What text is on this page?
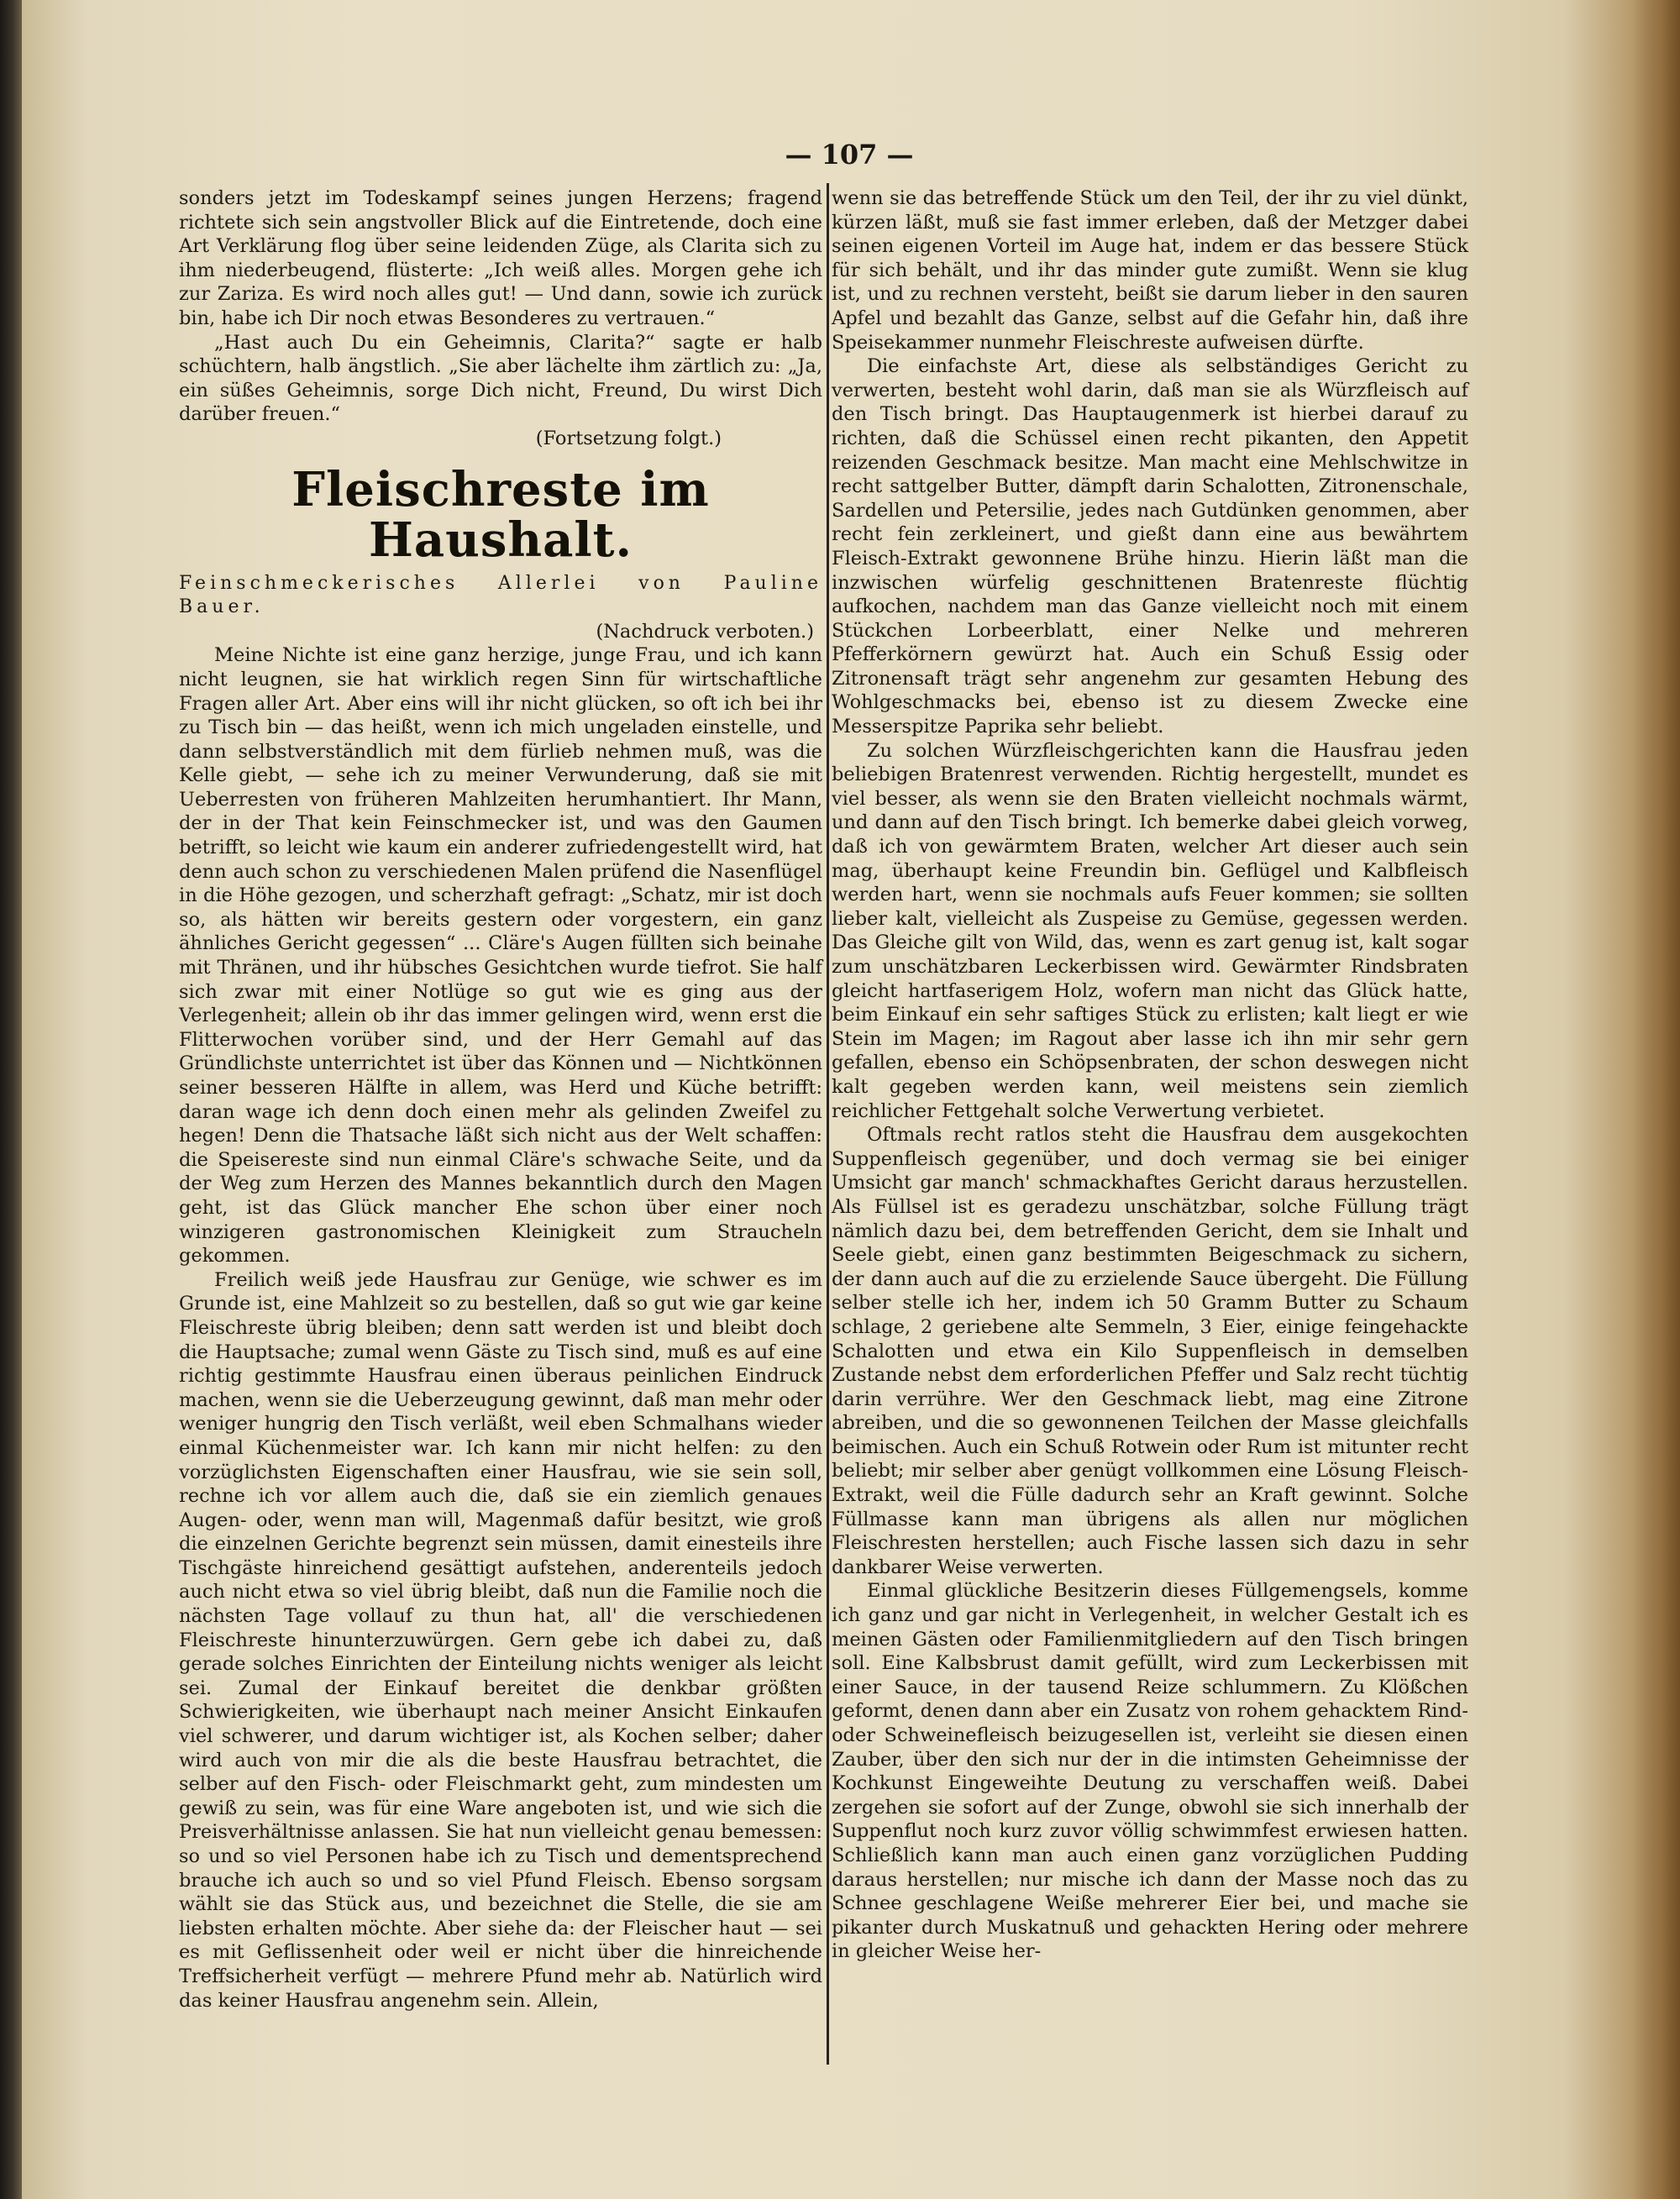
— 107 —

sonders jetzt im Todeskampf seines jungen Herzens; fragend richtete sich sein angstvoller Blick auf die Eintretende, doch eine Art Verklärung flog über seine leidenden Züge, als Clarita sich zu ihm niederbeugend, flüsterte: „Ich weiß alles. Morgen gehe ich zur Zariza. Es wird noch alles gut! — Und dann, sowie ich zurück bin, habe ich Dir noch etwas Besonderes zu vertrauen.“

„Hast auch Du ein Geheimnis, Clarita?“ sagte er halb schüchtern, halb ängstlich. „Sie aber lächelte ihm zärtlich zu: „Ja, ein süßes Geheimnis, sorge Dich nicht, Freund, Du wirst Dich darüber freuen.“

(Fortsetzung folgt.)

Fleischreste im Haushalt.

Feinschmeckerisches Allerlei von Pauline Bauer.

(Nachdruck verboten.)

Meine Nichte ist eine ganz herzige, junge Frau, und ich kann nicht leugnen, sie hat wirklich regen Sinn für wirtschaftliche Fragen aller Art. Aber eins will ihr nicht glücken, so oft ich bei ihr zu Tisch bin — das heißt, wenn ich mich ungeladen einstelle, und dann selbstverständlich mit dem fürlieb nehmen muß, was die Kelle giebt, — sehe ich zu meiner Verwunderung, daß sie mit Ueberresten von früheren Mahlzeiten herumhantiert. Ihr Mann, der in der That kein Feinschmecker ist, und was den Gaumen betrifft, so leicht wie kaum ein anderer zufriedengestellt wird, hat denn auch schon zu verschiedenen Malen prüfend die Nasenflügel in die Höhe gezogen, und scherzhaft gefragt: „Schatz, mir ist doch so, als hätten wir bereits gestern oder vorgestern, ein ganz ähnliches Gericht gegessen“ ... Cläre's Augen füllten sich beinahe mit Thränen, und ihr hübsches Gesichtchen wurde tiefrot. Sie half sich zwar mit einer Notlüge so gut wie es ging aus der Verlegenheit; allein ob ihr das immer gelingen wird, wenn erst die Flitterwochen vorüber sind, und der Herr Gemahl auf das Gründlichste unterrichtet ist über das Können und — Nichtkönnen seiner besseren Hälfte in allem, was Herd und Küche betrifft: daran wage ich denn doch einen mehr als gelinden Zweifel zu hegen! Denn die Thatsache läßt sich nicht aus der Welt schaffen: die Speisereste sind nun einmal Cläre's schwache Seite, und da der Weg zum Herzen des Mannes bekanntlich durch den Magen geht, ist das Glück mancher Ehe schon über einer noch winzigeren gastronomischen Kleinigkeit zum Straucheln gekommen.

Freilich weiß jede Hausfrau zur Genüge, wie schwer es im Grunde ist, eine Mahlzeit so zu bestellen, daß so gut wie gar keine Fleischreste übrig bleiben; denn satt werden ist und bleibt doch die Hauptsache; zumal wenn Gäste zu Tisch sind, muß es auf eine richtig gestimmte Hausfrau einen überaus peinlichen Eindruck machen, wenn sie die Ueberzeugung gewinnt, daß man mehr oder weniger hungrig den Tisch verläßt, weil eben Schmalhans wieder einmal Küchenmeister war. Ich kann mir nicht helfen: zu den vorzüglichsten Eigenschaften einer Hausfrau, wie sie sein soll, rechne ich vor allem auch die, daß sie ein ziemlich genaues Augen- oder, wenn man will, Magenmaß dafür besitzt, wie groß die einzelnen Gerichte begrenzt sein müssen, damit einesteils ihre Tischgäste hinreichend gesättigt aufstehen, anderenteils jedoch auch nicht etwa so viel übrig bleibt, daß nun die Familie noch die nächsten Tage vollauf zu thun hat, all' die verschiedenen Fleischreste hinunterzuwürgen. Gern gebe ich dabei zu, daß gerade solches Einrichten der Einteilung nichts weniger als leicht sei. Zumal der Einkauf bereitet die denkbar größten Schwierigkeiten, wie überhaupt nach meiner Ansicht Einkaufen viel schwerer, und darum wichtiger ist, als Kochen selber; daher wird auch von mir die als die beste Hausfrau betrachtet, die selber auf den Fisch- oder Fleischmarkt geht, zum mindesten um gewiß zu sein, was für eine Ware angeboten ist, und wie sich die Preisverhältnisse anlassen. Sie hat nun vielleicht genau bemessen: so und so viel Personen habe ich zu Tisch und dementsprechend brauche ich auch so und so viel Pfund Fleisch. Ebenso sorgsam wählt sie das Stück aus, und bezeichnet die Stelle, die sie am liebsten erhalten möchte. Aber siehe da: der Fleischer haut — sei es mit Geflissenheit oder weil er nicht über die hinreichende Treffsicherheit verfügt — mehrere Pfund mehr ab. Natürlich wird das keiner Hausfrau angenehm sein. Allein,

wenn sie das betreffende Stück um den Teil, der ihr zu viel dünkt, kürzen läßt, muß sie fast immer erleben, daß der Metzger dabei seinen eigenen Vorteil im Auge hat, indem er das bessere Stück für sich behält, und ihr das minder gute zumißt. Wenn sie klug ist, und zu rechnen versteht, beißt sie darum lieber in den sauren Apfel und bezahlt das Ganze, selbst auf die Gefahr hin, daß ihre Speisekammer nunmehr Fleischreste aufweisen dürfte.

Die einfachste Art, diese als selbständiges Gericht zu verwerten, besteht wohl darin, daß man sie als Würzfleisch auf den Tisch bringt. Das Hauptaugenmerk ist hierbei darauf zu richten, daß die Schüssel einen recht pikanten, den Appetit reizenden Geschmack besitze. Man macht eine Mehlschwitze in recht sattgelber Butter, dämpft darin Schalotten, Zitronenschale, Sardellen und Petersilie, jedes nach Gutdünken genommen, aber recht fein zerkleinert, und gießt dann eine aus bewährtem Fleisch-Extrakt gewonnene Brühe hinzu. Hierin läßt man die inzwischen würfelig geschnittenen Bratenreste flüchtig aufkochen, nachdem man das Ganze vielleicht noch mit einem Stückchen Lorbeerblatt, einer Nelke und mehreren Pfefferkörnern gewürzt hat. Auch ein Schuß Essig oder Zitronensaft trägt sehr angenehm zur gesamten Hebung des Wohlgeschmacks bei, ebenso ist zu diesem Zwecke eine Messerspitze Paprika sehr beliebt.

Zu solchen Würzfleischgerichten kann die Hausfrau jeden beliebigen Bratenrest verwenden. Richtig hergestellt, mundet es viel besser, als wenn sie den Braten vielleicht nochmals wärmt, und dann auf den Tisch bringt. Ich bemerke dabei gleich vorweg, daß ich von gewärmtem Braten, welcher Art dieser auch sein mag, überhaupt keine Freundin bin. Geflügel und Kalbfleisch werden hart, wenn sie nochmals aufs Feuer kommen; sie sollten lieber kalt, vielleicht als Zuspeise zu Gemüse, gegessen werden. Das Gleiche gilt von Wild, das, wenn es zart genug ist, kalt sogar zum unschätzbaren Leckerbissen wird. Gewärmter Rindsbraten gleicht hartfaserigem Holz, wofern man nicht das Glück hatte, beim Einkauf ein sehr saftiges Stück zu erlisten; kalt liegt er wie Stein im Magen; im Ragout aber lasse ich ihn mir sehr gern gefallen, ebenso ein Schöpsenbraten, der schon deswegen nicht kalt gegeben werden kann, weil meistens sein ziemlich reichlicher Fettgehalt solche Verwertung verbietet.

Oftmals recht ratlos steht die Hausfrau dem ausgekochten Suppenfleisch gegenüber, und doch vermag sie bei einiger Umsicht gar manch' schmackhaftes Gericht daraus herzustellen. Als Füllsel ist es geradezu unschätzbar, solche Füllung trägt nämlich dazu bei, dem betreffenden Gericht, dem sie Inhalt und Seele giebt, einen ganz bestimmten Beigeschmack zu sichern, der dann auch auf die zu erzielende Sauce übergeht. Die Füllung selber stelle ich her, indem ich 50 Gramm Butter zu Schaum schlage, 2 geriebene alte Semmeln, 3 Eier, einige feingehackte Schalotten und etwa ein Kilo Suppenfleisch in demselben Zustande nebst dem erforderlichen Pfeffer und Salz recht tüchtig darin verrühre. Wer den Geschmack liebt, mag eine Zitrone abreiben, und die so gewonnenen Teilchen der Masse gleichfalls beimischen. Auch ein Schuß Rotwein oder Rum ist mitunter recht beliebt; mir selber aber genügt vollkommen eine Lösung Fleisch-Extrakt, weil die Fülle dadurch sehr an Kraft gewinnt. Solche Füllmasse kann man übrigens als allen nur möglichen Fleischresten herstellen; auch Fische lassen sich dazu in sehr dankbarer Weise verwerten.

Einmal glückliche Besitzerin dieses Füllgemengsels, komme ich ganz und gar nicht in Verlegenheit, in welcher Gestalt ich es meinen Gästen oder Familienmitgliedern auf den Tisch bringen soll. Eine Kalbsbrust damit gefüllt, wird zum Leckerbissen mit einer Sauce, in der tausend Reize schlummern. Zu Klößchen geformt, denen dann aber ein Zusatz von rohem gehacktem Rind- oder Schweinefleisch beizugesellen ist, verleiht sie diesen einen Zauber, über den sich nur der in die intimsten Geheimnisse der Kochkunst Eingeweihte Deutung zu verschaffen weiß. Dabei zergehen sie sofort auf der Zunge, obwohl sie sich innerhalb der Suppenflut noch kurz zuvor völlig schwimmfest erwiesen hatten. Schließlich kann man auch einen ganz vorzüglichen Pudding daraus herstellen; nur mische ich dann der Masse noch das zu Schnee geschlagene Weiße mehrerer Eier bei, und mache sie pikanter durch Muskatnuß und gehackten Hering oder mehrere in gleicher Weise her-
